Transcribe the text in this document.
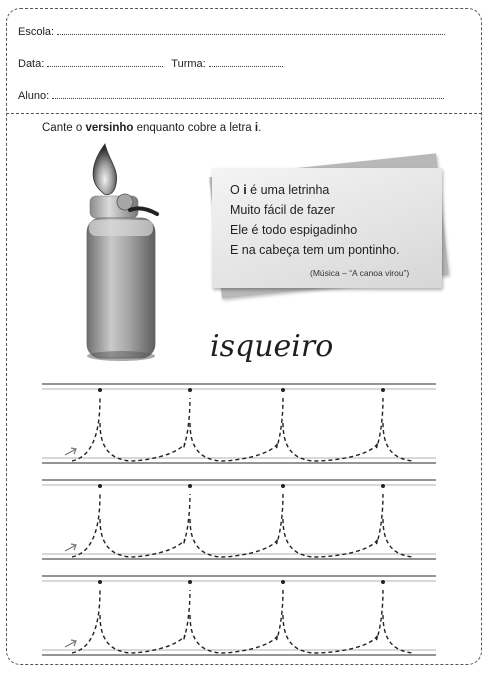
Escola:
Data:	Turma:
Aluno:
Cante o versinho enquanto cobre a letra i.
O i é uma letrinha
Muito fácil de fazer
Ele é todo espigadinho
E na cabeça tem um pontinho.
(Música – “A canoa virou”)
isqueiro
